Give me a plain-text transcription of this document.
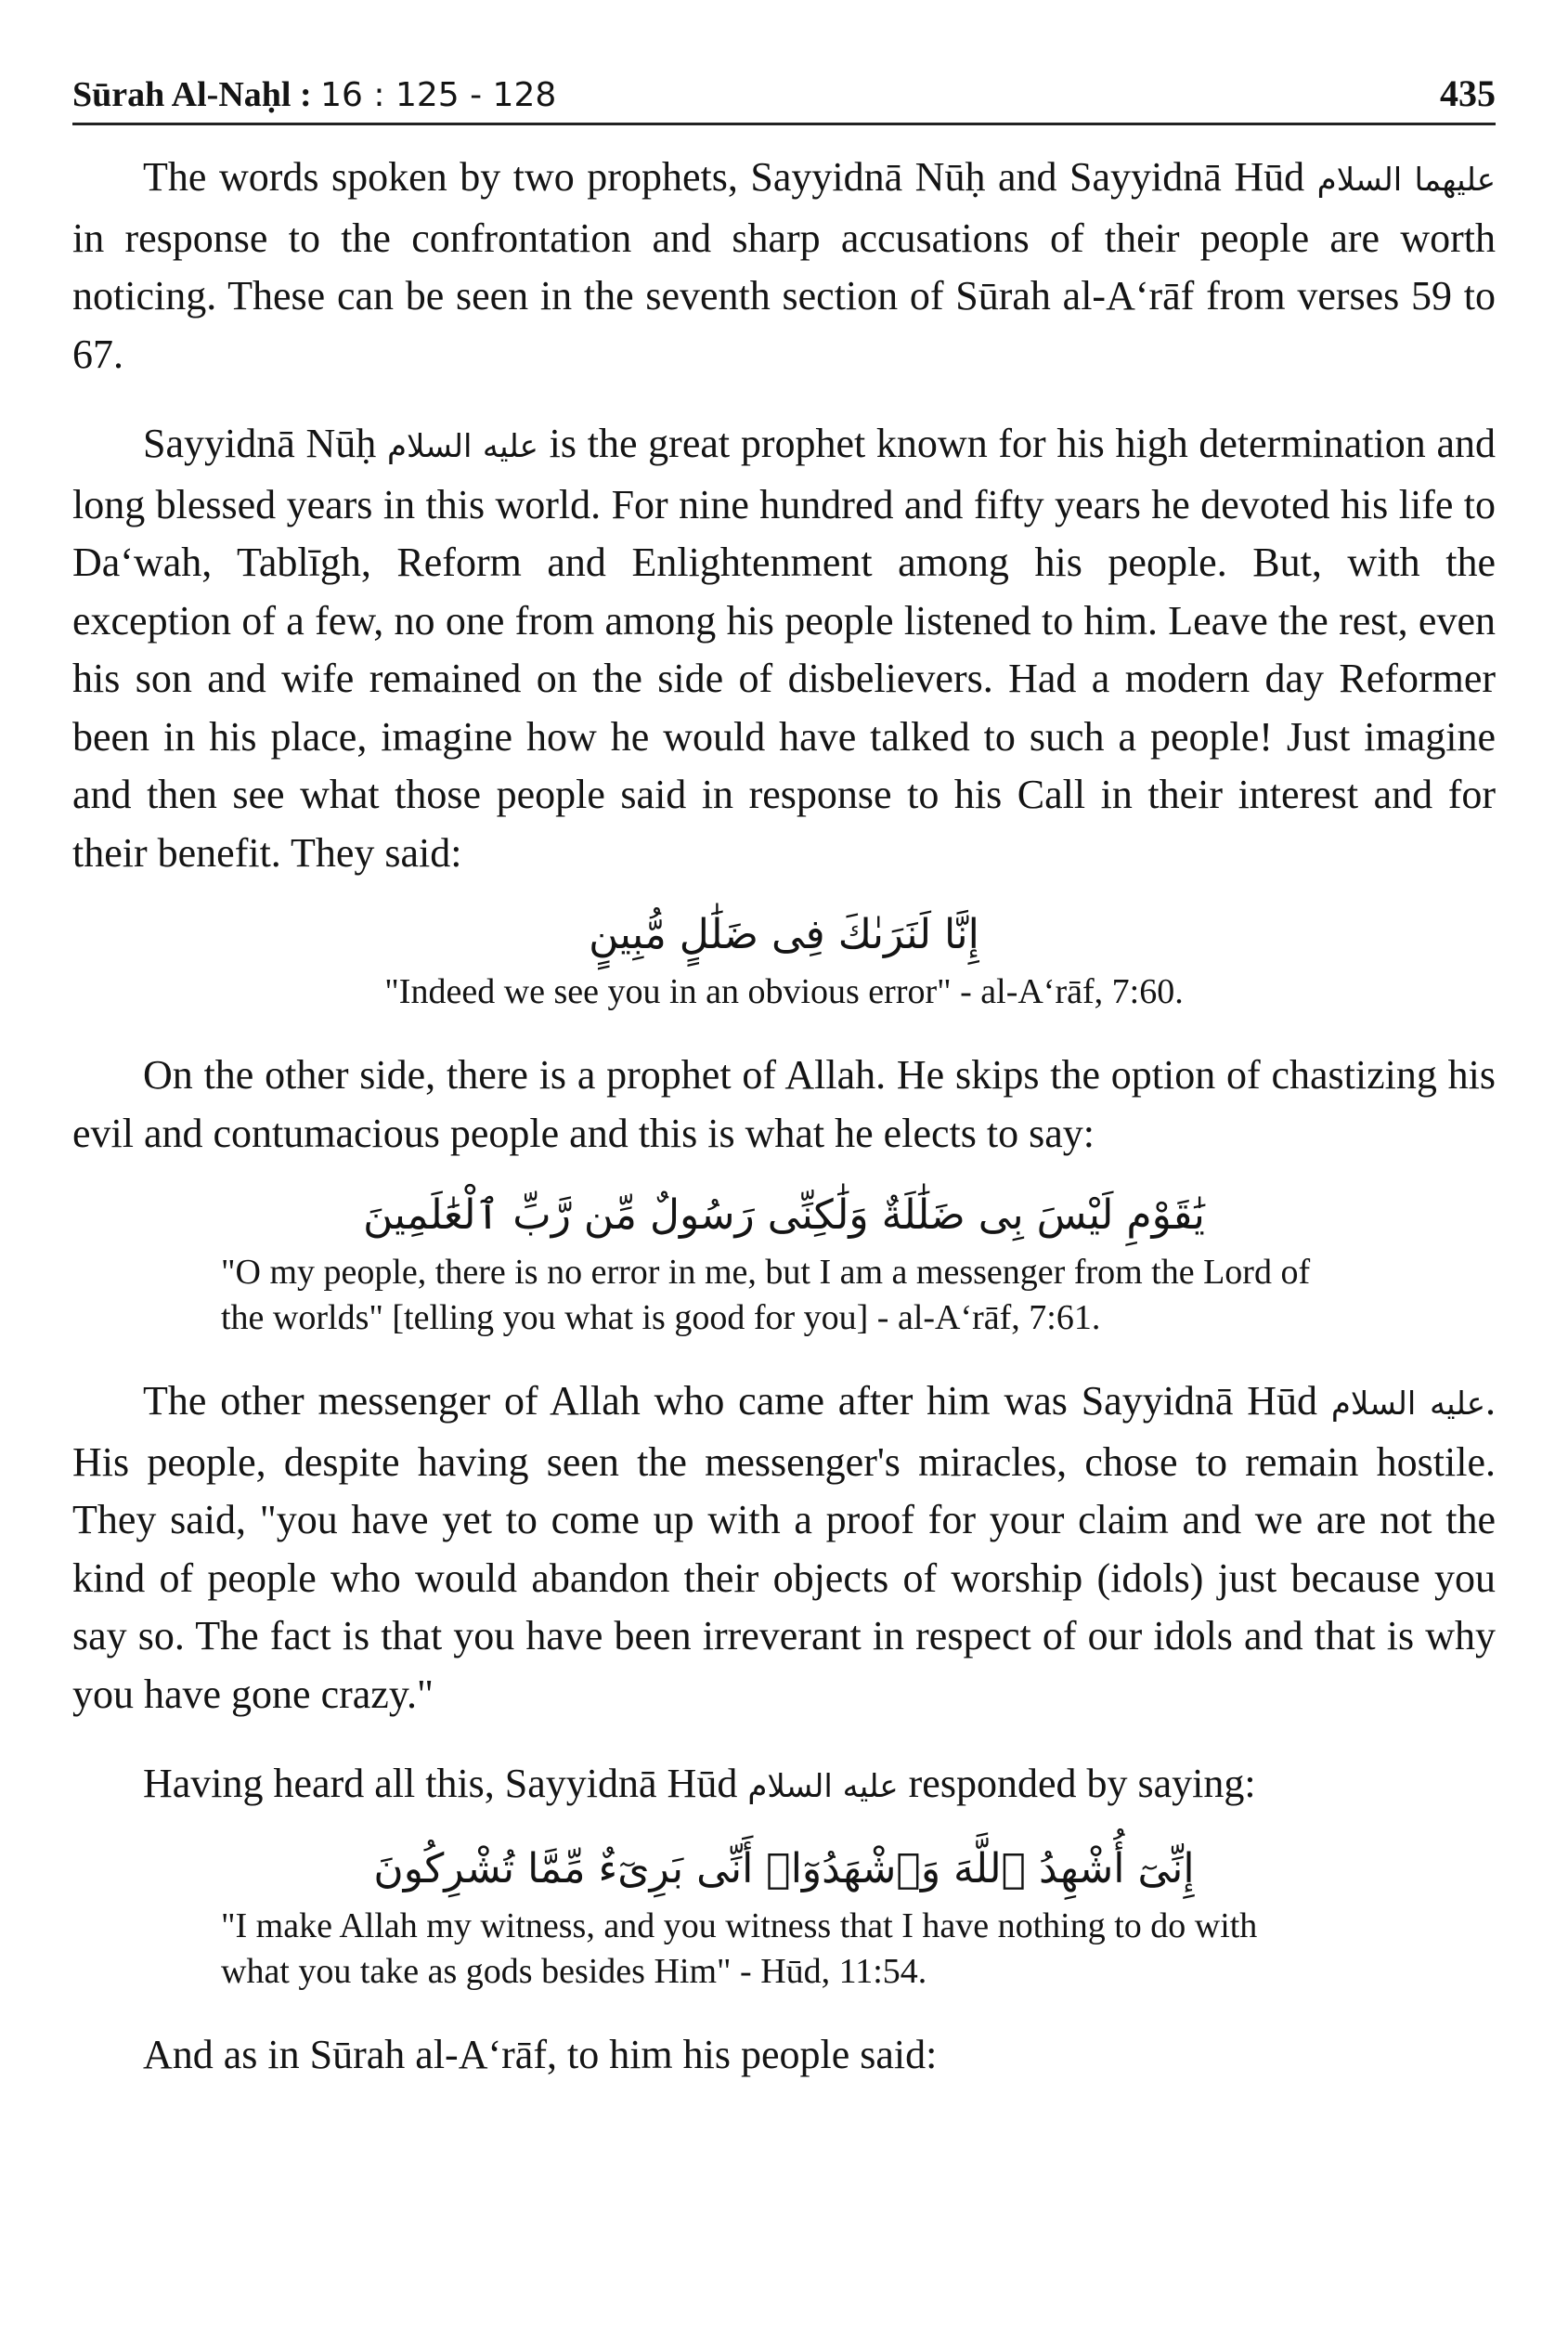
Sūrah Al-Naḥl : 16 : 125 - 128	435

The words spoken by two prophets, Sayyidnā Nūḥ and Sayyidnā Hūd علیهما السلام in response to the confrontation and sharp accusations of their people are worth noticing. These can be seen in the seventh section of Sūrah al-A‘rāf from verses 59 to 67.

Sayyidnā Nūḥ عليه السلام is the great prophet known for his high determination and long blessed years in this world. For nine hundred and fifty years he devoted his life to Da‘wah, Tablīgh, Reform and Enlightenment among his people. But, with the exception of a few, no one from among his people listened to him. Leave the rest, even his son and wife remained on the side of disbelievers. Had a modern day Reformer been in his place, imagine how he would have talked to such a people! Just imagine and then see what those people said in response to his Call in their interest and for their benefit. They said:

إِنَّا لَنَرَىٰكَ فِى ضَلَٰلٍ مُّبِينٍ
"Indeed we see you in an obvious error" - al-A‘rāf, 7:60.

On the other side, there is a prophet of Allah. He skips the option of chastizing his evil and contumacious people and this is what he elects to say:

يَٰقَوْمِ لَيْسَ بِى ضَلَٰلَةٌ وَلَٰكِنِّى رَسُولٌ مِّن رَّبِّ ٱلْعَٰلَمِينَ
"O my people, there is no error in me, but I am a messenger from the Lord of the worlds" [telling you what is good for you] - al-A‘rāf, 7:61.

The other messenger of Allah who came after him was Sayyidnā Hūd عليه السلام. His people, despite having seen the messenger's miracles, chose to remain hostile. They said, "you have yet to come up with a proof for your claim and we are not the kind of people who would abandon their objects of worship (idols) just because you say so. The fact is that you have been irreverant in respect of our idols and that is why you have gone crazy."

Having heard all this, Sayyidnā Hūd عليه السلام responded by saying:

إِنِّىٓ أُشْهِدُ ٱللَّهَ وَٱشْهَدُوٓا۟ أَنِّى بَرِىٓءٌ مِّمَّا تُشْرِكُونَ
"I make Allah my witness, and you witness that I have nothing to do with what you take as gods besides Him" - Hūd, 11:54.

And as in Sūrah al-A‘rāf, to him his people said:
